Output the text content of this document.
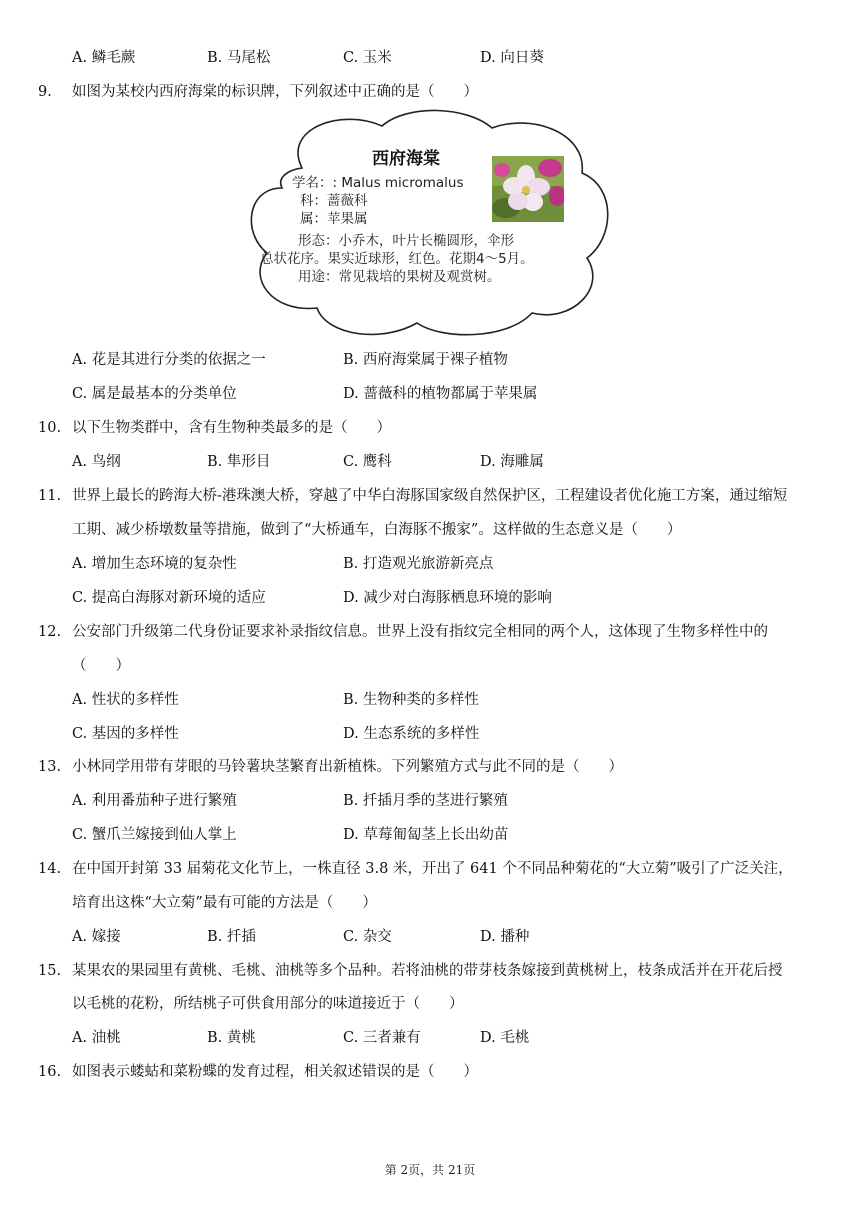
A. 鳞毛蕨	B. 马尾松	C. 玉米	D. 向日葵
9.	如图为某校内西府海棠的标识牌，下列叙述中正确的是（　　）
西府海棠
学名：: Malus micromalus
科：蔷薇科
属：苹果属
形态：小乔木，叶片长椭圆形，伞形
总状花序。果实近球形，红色。花期4～5月。
用途：常见栽培的果树及观赏树。
A. 花是其进行分类的依据之一	B. 西府海棠属于裸子植物
C. 属是最基本的分类单位	D. 蔷薇科的植物都属于苹果属
10. 以下生物类群中，含有生物种类最多的是（　　）
A. 鸟纲	B. 隼形目	C. 鹰科	D. 海雕属
11. 世界上最长的跨海大桥-港珠澳大桥，穿越了中华白海豚国家级自然保护区，工程建设者优化施工方案，通过缩短
工期、减少桥墩数量等措施，做到了“大桥通车，白海豚不搬家”。这样做的生态意义是（　　）
A. 增加生态环境的复杂性	B. 打造观光旅游新亮点
C. 提高白海豚对新环境的适应	D. 减少对白海豚栖息环境的影响
12. 公安部门升级第二代身份证要求补录指纹信息。世界上没有指纹完全相同的两个人，这体现了生物多样性中的
（　　）
A. 性状的多样性	B. 生物种类的多样性
C. 基因的多样性	D. 生态系统的多样性
13. 小林同学用带有芽眼的马铃薯块茎繁育出新植株。下列繁殖方式与此不同的是（　　）
A. 利用番茄种子进行繁殖	B. 扦插月季的茎进行繁殖
C. 蟹爪兰嫁接到仙人掌上	D. 草莓匍匐茎上长出幼苗
14. 在中国开封第 33 届菊花文化节上，一株直径 3.8 米，开出了 641 个不同品种菊花的“大立菊”吸引了广泛关注，
培育出这株“大立菊”最有可能的方法是（　　）
A. 嫁接	B. 扦插	C. 杂交	D. 播种
15. 某果农的果园里有黄桃、毛桃、油桃等多个品种。若将油桃的带芽枝条嫁接到黄桃树上，枝条成活并在开花后授
以毛桃的花粉，所结桃子可供食用部分的味道接近于（　　）
A. 油桃	B. 黄桃	C. 三者兼有	D. 毛桃
16. 如图表示蝼蛄和菜粉蝶的发育过程，相关叙述错误的是（　　）
第 2页，共 21页
